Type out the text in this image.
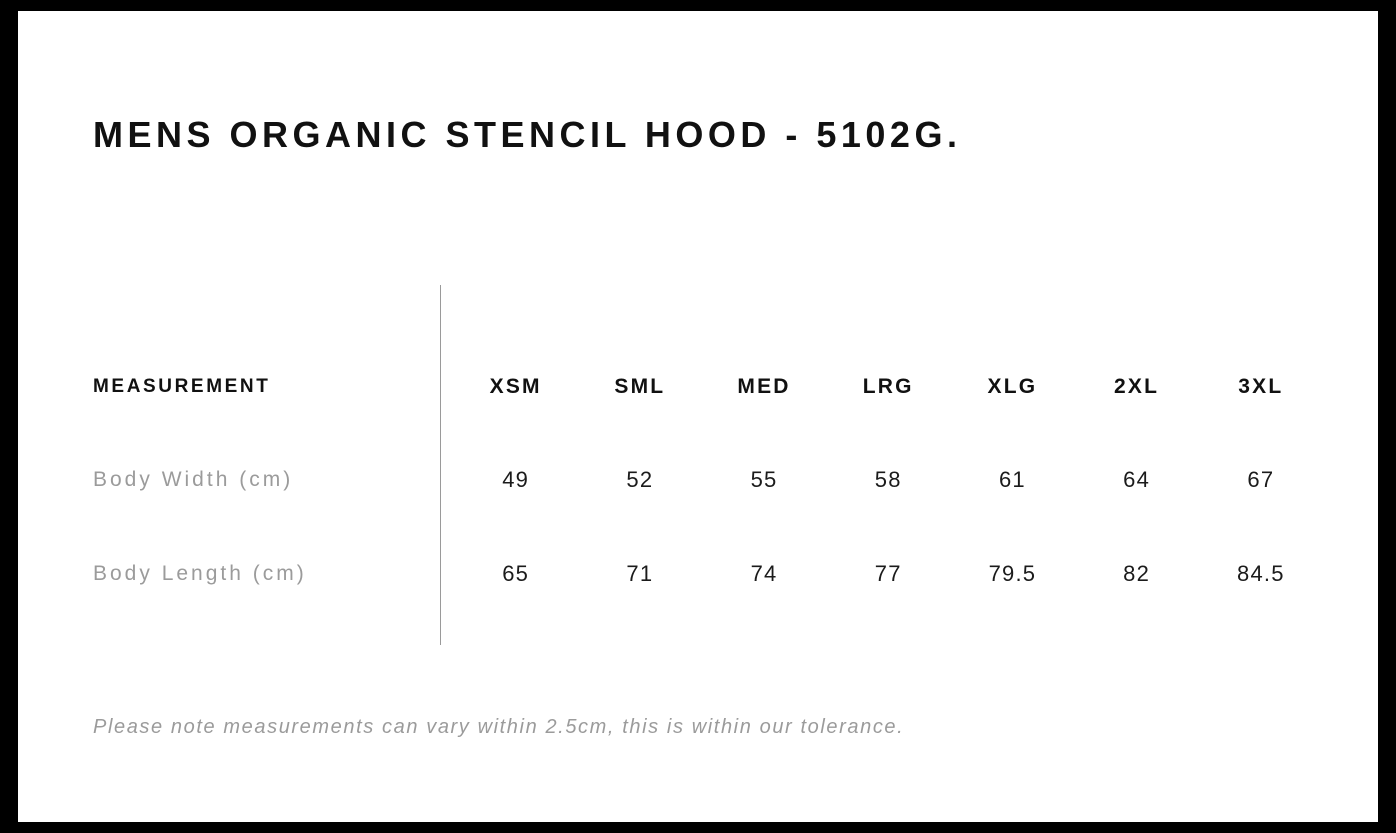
MENS ORGANIC STENCIL HOOD - 5102G.
MEASUREMENT	XSM	SML	MED	LRG	XLG	2XL	3XL
Body Width (cm)	49	52	55	58	61	64	67
Body Length (cm)	65	71	74	77	79.5	82	84.5
Please note measurements can vary within 2.5cm, this is within our tolerance.
